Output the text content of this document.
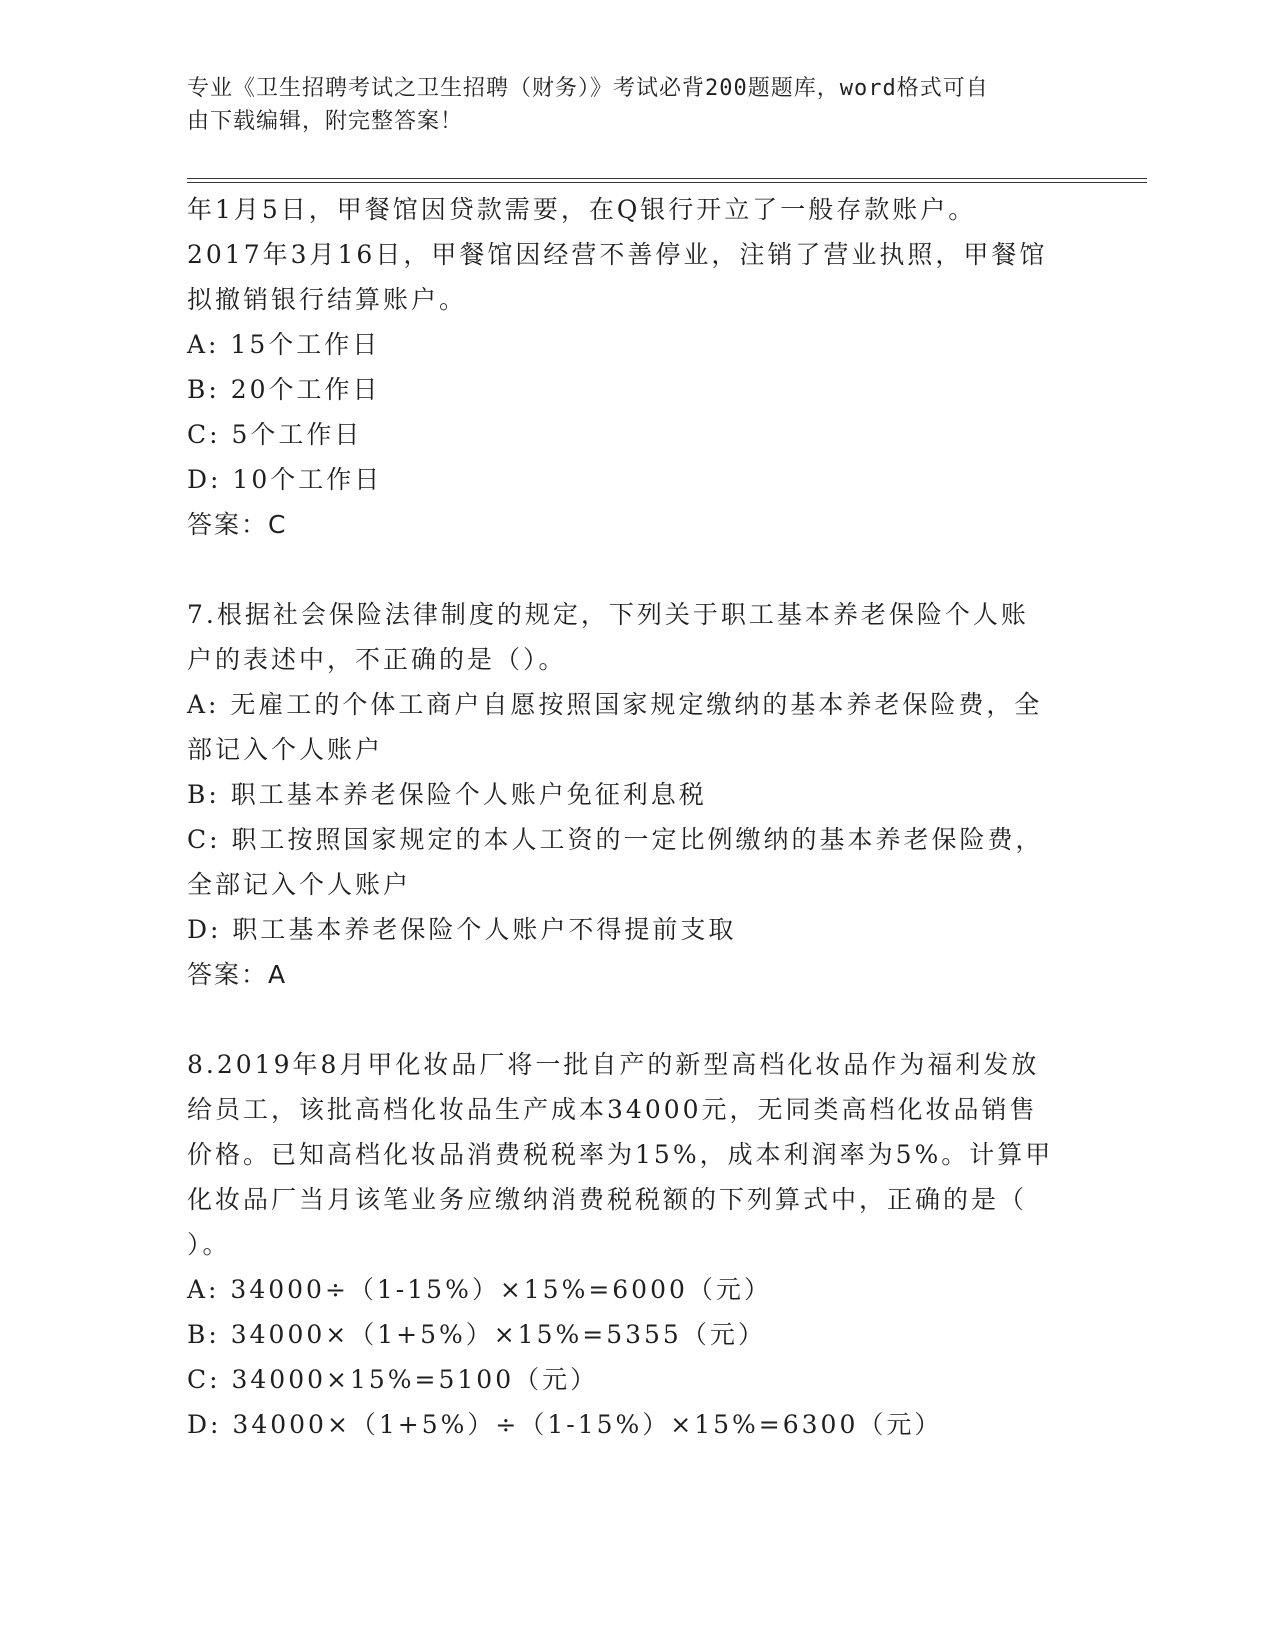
专业《卫生招聘考试之卫生招聘（财务）》考试必背200题题库，word格式可自
由下载编辑，附完整答案！
年1月5日，甲餐馆因贷款需要，在Q银行开立了一般存款账户。
2017年3月16日，甲餐馆因经营不善停业，注销了营业执照，甲餐馆
拟撤销银行结算账户。
A: 15个工作日
B: 20个工作日
C: 5个工作日
D: 10个工作日
答案：C
7.根据社会保险法律制度的规定，下列关于职工基本养老保险个人账
户的表述中，不正确的是（）。
A: 无雇工的个体工商户自愿按照国家规定缴纳的基本养老保险费，全
部记入个人账户
B: 职工基本养老保险个人账户免征利息税
C: 职工按照国家规定的本人工资的一定比例缴纳的基本养老保险费，
全部记入个人账户
D: 职工基本养老保险个人账户不得提前支取
答案：A
8.2019年8月甲化妆品厂将一批自产的新型高档化妆品作为福利发放
给员工，该批高档化妆品生产成本34000元，无同类高档化妆品销售
价格。已知高档化妆品消费税税率为15%，成本利润率为5%。计算甲
化妆品厂当月该笔业务应缴纳消费税税额的下列算式中，正确的是（
）。
A: 34000÷（1-15%）×15%=6000（元）
B: 34000×（1+5%）×15%=5355（元）
C: 34000×15%=5100（元）
D: 34000×（1+5%）÷（1-15%）×15%=6300（元）
